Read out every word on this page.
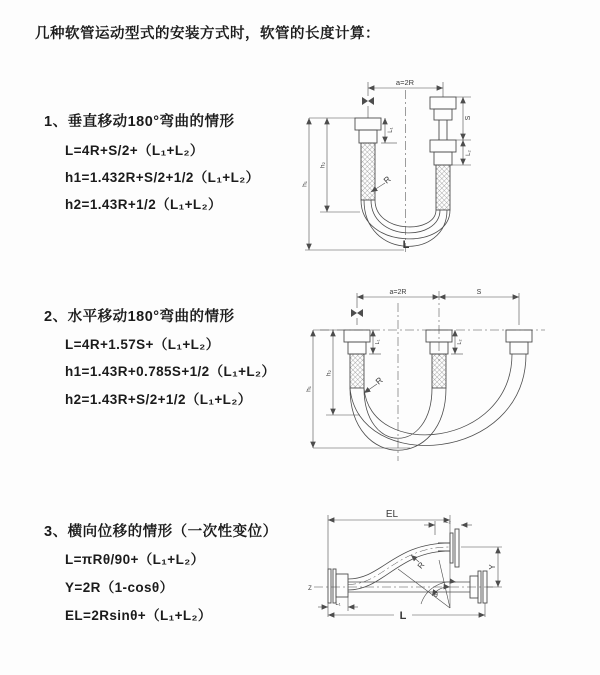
几种软管运动型式的安装方式时，软管的长度计算：
1、垂直移动180°弯曲的情形
L=4R+S/2+（L₁+L₂）
h1=1.432R+S/2+1/2（L₁+L₂）
h2=1.43R+1/2（L₁+L₂）
2、水平移动180°弯曲的情形
L=4R+1.57S+（L₁+L₂）
h1=1.43R+0.785S+1/2（L₁+L₂）
h2=1.43R+S/2+1/2（L₁+L₂）
3、横向位移的情形（一次性变位）
L=πRθ/90+（L₁+L₂）
Y=2R（1-cosθ）
EL=2Rsinθ+（L₁+L₂）
a=2R
S
L₂
L₁
h₁
h₂
R
L
a=2R	S
L₁	L₂
h₁
h₂
R
EL
L₂
L₁
L
Y
R
θ
Z
